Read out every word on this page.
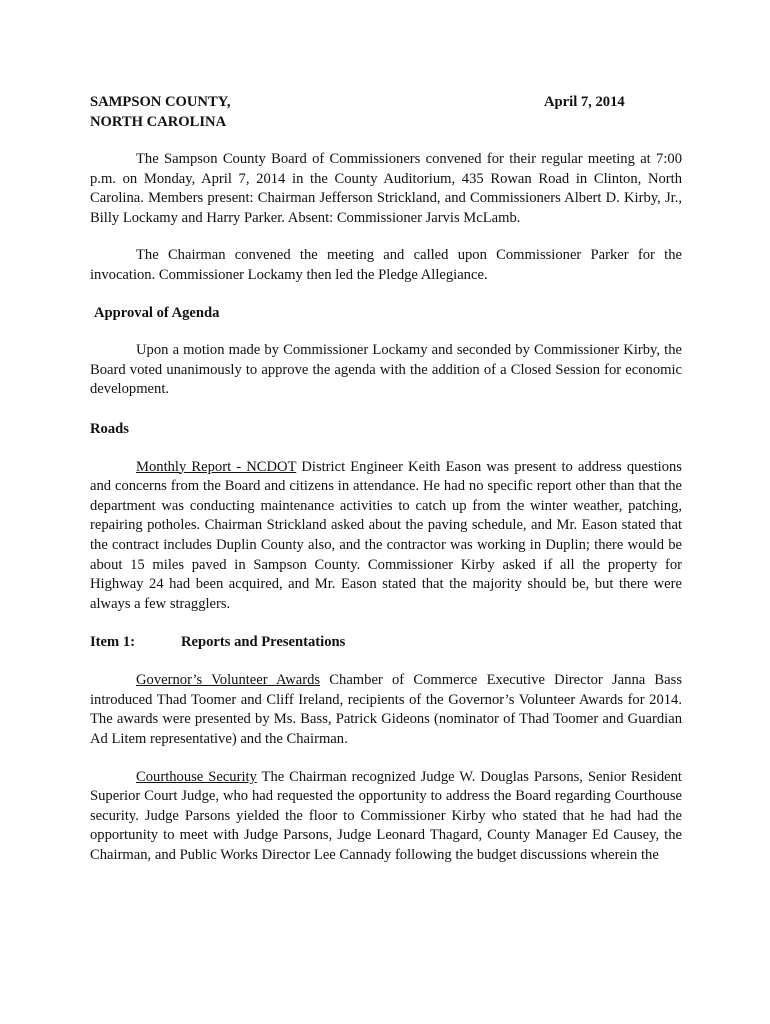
SAMPSON COUNTY,
NORTH CAROLINA
April 7, 2014

The Sampson County Board of Commissioners convened for their regular meeting at 7:00 p.m. on Monday, April 7, 2014 in the County Auditorium, 435 Rowan Road in Clinton, North Carolina. Members present: Chairman Jefferson Strickland, and Commissioners Albert D. Kirby, Jr., Billy Lockamy and Harry Parker. Absent: Commissioner Jarvis McLamb.

The Chairman convened the meeting and called upon Commissioner Parker for the invocation. Commissioner Lockamy then led the Pledge Allegiance.

Approval of Agenda

Upon a motion made by Commissioner Lockamy and seconded by Commissioner Kirby, the Board voted unanimously to approve the agenda with the addition of a Closed Session for economic development.

Roads

Monthly Report - NCDOT District Engineer Keith Eason was present to address questions and concerns from the Board and citizens in attendance. He had no specific report other than that the department was conducting maintenance activities to catch up from the winter weather, patching, repairing potholes. Chairman Strickland asked about the paving schedule, and Mr. Eason stated that the contract includes Duplin County also, and the contractor was working in Duplin; there would be about 15 miles paved in Sampson County. Commissioner Kirby asked if all the property for Highway 24 had been acquired, and Mr. Eason stated that the majority should be, but there were always a few stragglers.

Item 1:	Reports and Presentations

Governor’s Volunteer Awards Chamber of Commerce Executive Director Janna Bass introduced Thad Toomer and Cliff Ireland, recipients of the Governor’s Volunteer Awards for 2014. The awards were presented by Ms. Bass, Patrick Gideons (nominator of Thad Toomer and Guardian Ad Litem representative) and the Chairman.

Courthouse Security The Chairman recognized Judge W. Douglas Parsons, Senior Resident Superior Court Judge, who had requested the opportunity to address the Board regarding Courthouse security. Judge Parsons yielded the floor to Commissioner Kirby who stated that he had had the opportunity to meet with Judge Parsons, Judge Leonard Thagard, County Manager Ed Causey, the Chairman, and Public Works Director Lee Cannady following the budget discussions wherein the
